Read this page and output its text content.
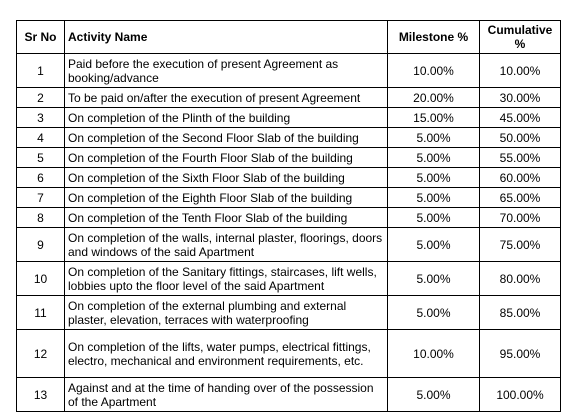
Sr No	Activity Name	Milestone %	Cumulative %
1	Paid before the execution of present Agreement as booking/advance	10.00%	10.00%
2	To be paid on/after the execution of present Agreement	20.00%	30.00%
3	On completion of the Plinth of the building	15.00%	45.00%
4	On completion of the Second Floor Slab of the building	5.00%	50.00%
5	On completion of the Fourth Floor Slab of the building	5.00%	55.00%
6	On completion of the Sixth Floor Slab of the building	5.00%	60.00%
7	On completion of the Eighth Floor Slab of the building	5.00%	65.00%
8	On completion of the Tenth Floor Slab of the building	5.00%	70.00%
9	On completion of the walls, internal plaster, floorings, doors and windows of the said Apartment	5.00%	75.00%
10	On completion of the Sanitary fittings, staircases, lift wells, lobbies upto the floor level of the said Apartment	5.00%	80.00%
11	On completion of the external plumbing and external plaster, elevation, terraces with waterproofing	5.00%	85.00%
12	On completion of the lifts, water pumps, electrical fittings, electro, mechanical and environment requirements, etc.	10.00%	95.00%
13	Against and at the time of handing over of the possession of the Apartment	5.00%	100.00%
